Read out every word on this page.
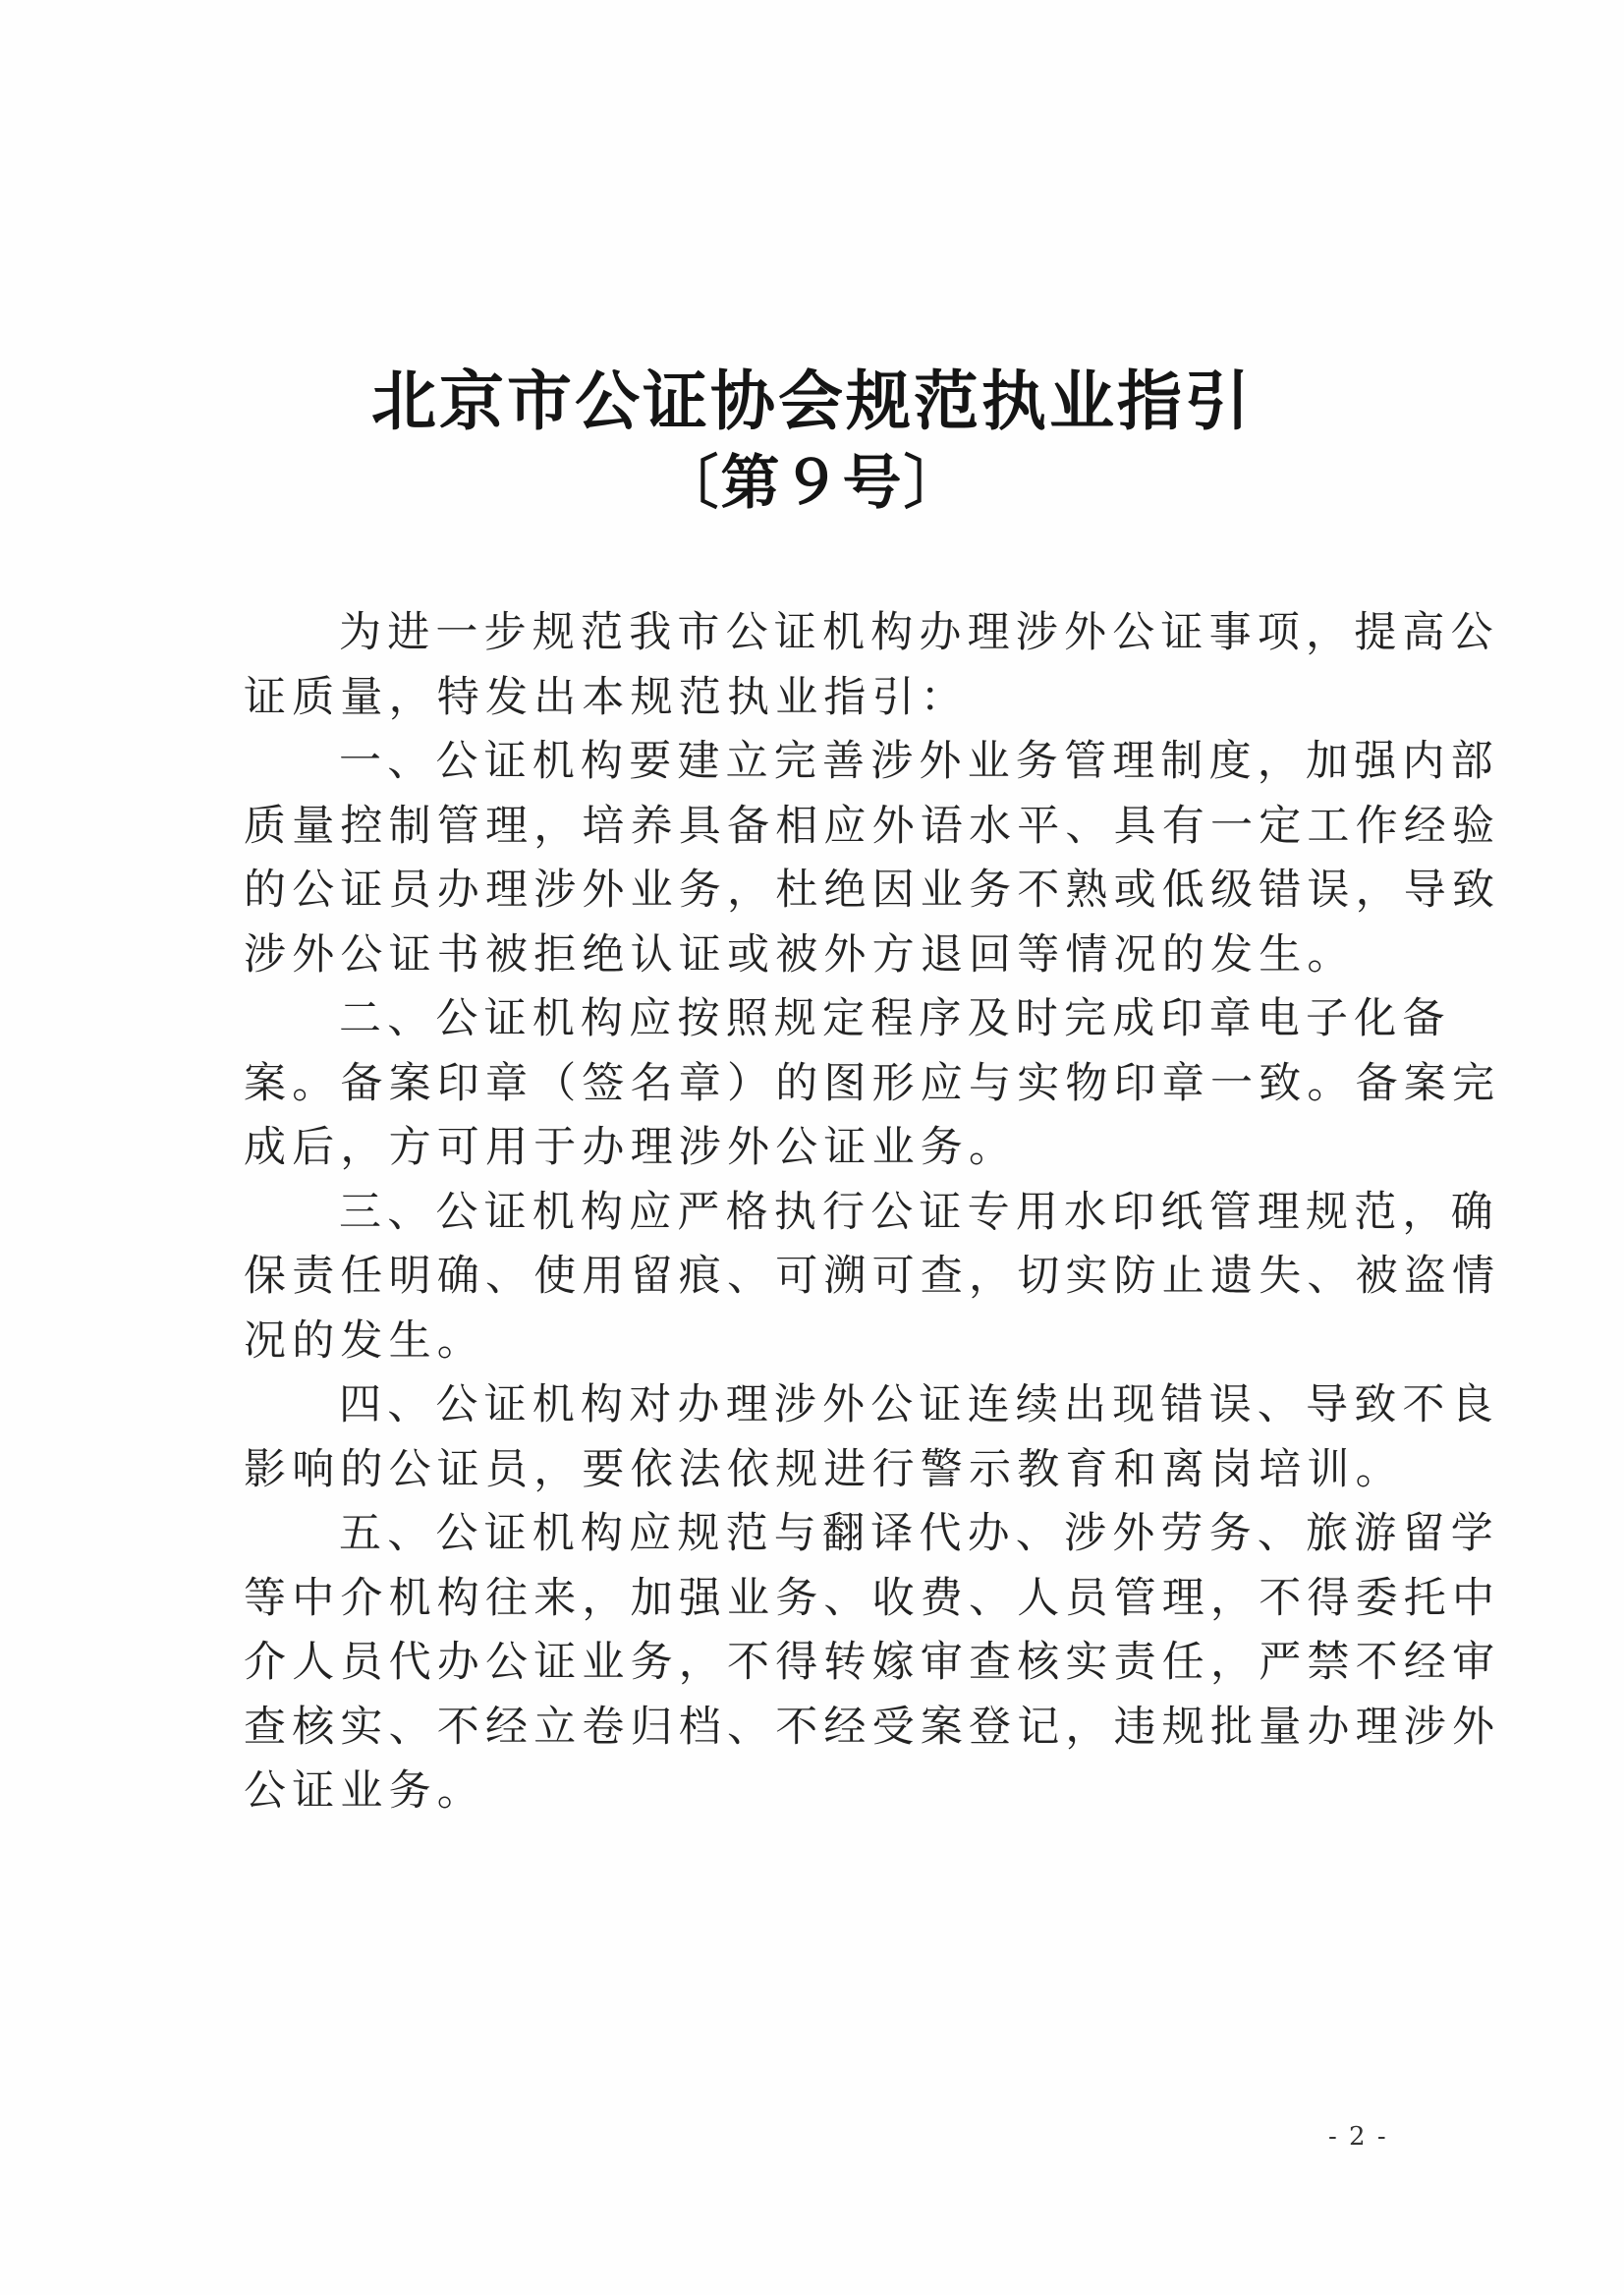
北京市公证协会规范执业指引
〔第９号〕
为进一步规范我市公证机构办理涉外公证事项，提高公
证质量，特发出本规范执业指引：
一、公证机构要建立完善涉外业务管理制度，加强内部
质量控制管理，培养具备相应外语水平、具有一定工作经验
的公证员办理涉外业务，杜绝因业务不熟或低级错误，导致
涉外公证书被拒绝认证或被外方退回等情况的发生。
二、公证机构应按照规定程序及时完成印章电子化备
案。备案印章（签名章）的图形应与实物印章一致。备案完
成后，方可用于办理涉外公证业务。
三、公证机构应严格执行公证专用水印纸管理规范，确
保责任明确、使用留痕、可溯可查，切实防止遗失、被盗情
况的发生。
四、公证机构对办理涉外公证连续出现错误、导致不良
影响的公证员，要依法依规进行警示教育和离岗培训。
五、公证机构应规范与翻译代办、涉外劳务、旅游留学
等中介机构往来，加强业务、收费、人员管理，不得委托中
介人员代办公证业务，不得转嫁审查核实责任，严禁不经审
查核实、不经立卷归档、不经受案登记，违规批量办理涉外
公证业务。
- 2 -
